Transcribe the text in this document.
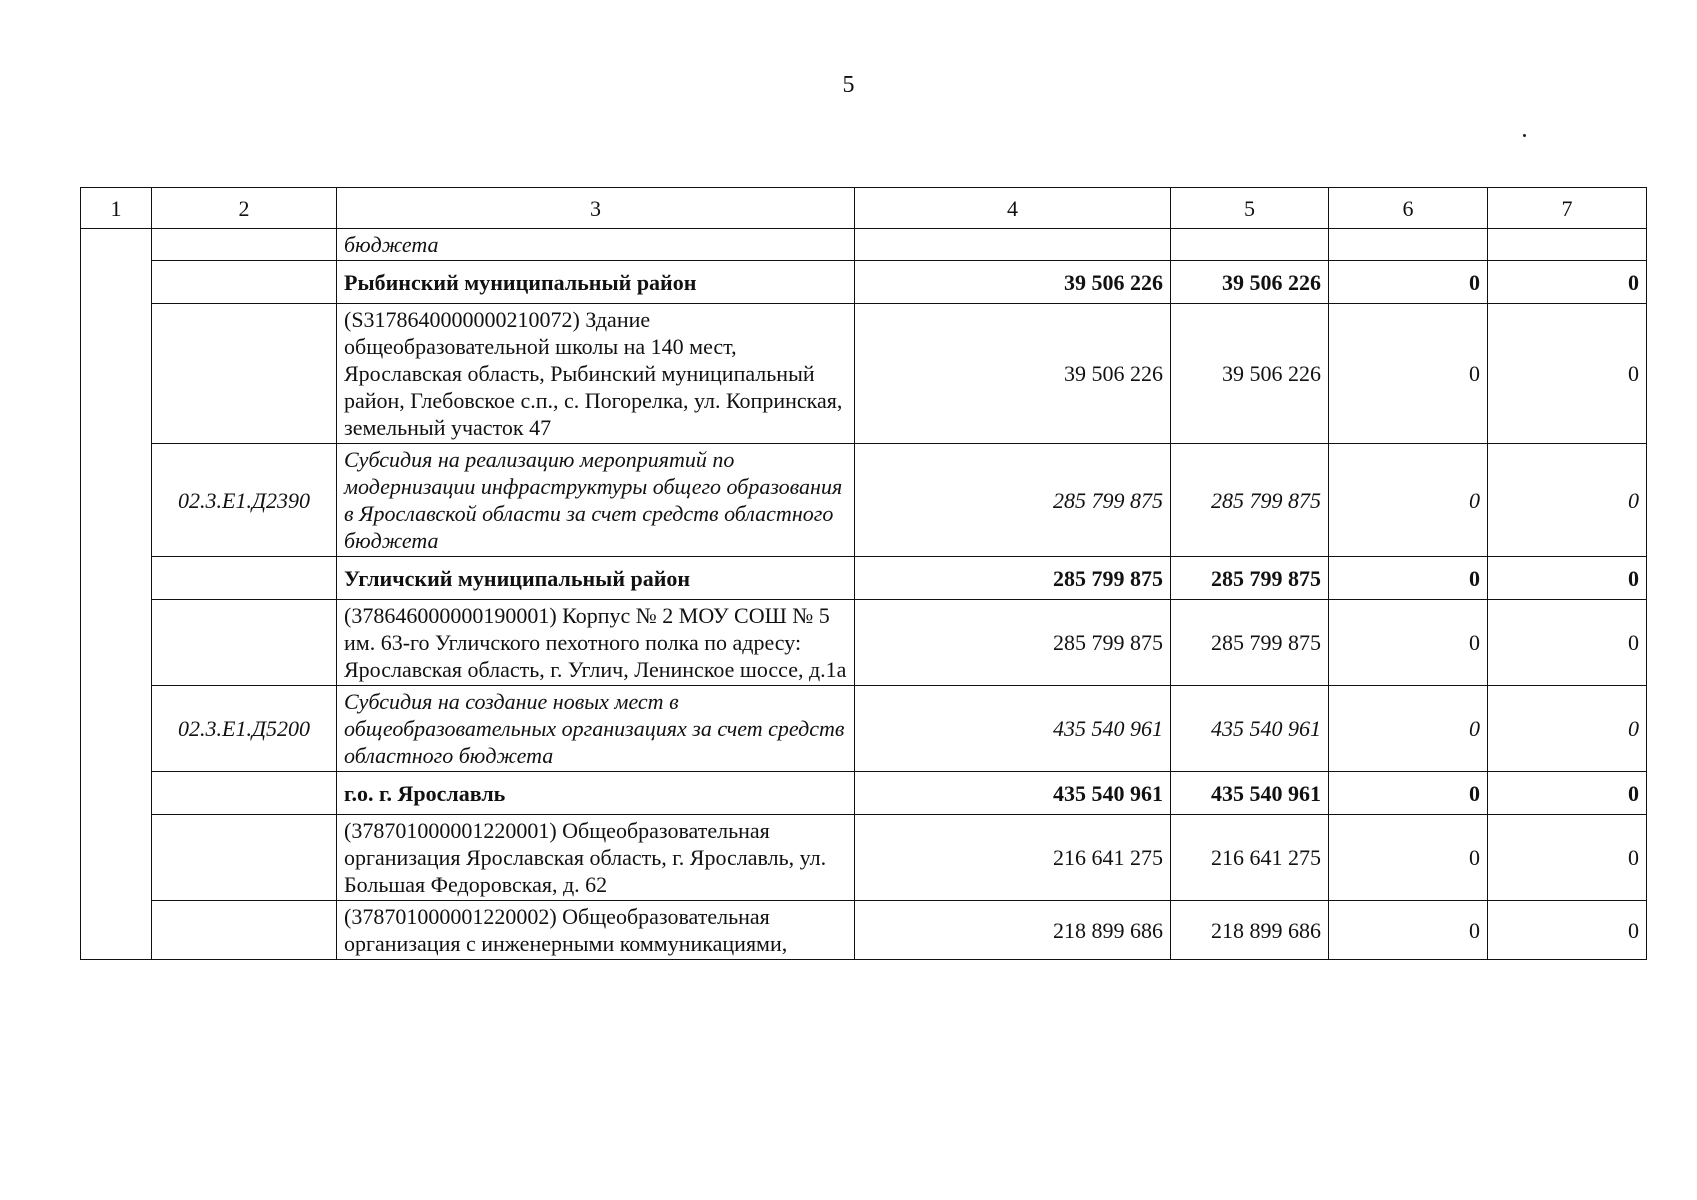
5
1	2	3	4	5	6	7
		бюджета				
		Рыбинский муниципальный район	39 506 226	39 506 226	0	0
		(S3178640000000210072) Здание общеобразовательной школы на 140 мест, Ярославская область, Рыбинский муниципальный район, Глебовское с.п., с. Погорелка, ул. Копринская, земельный участок 47	39 506 226	39 506 226	0	0
	02.3.Е1.Д2390	Субсидия на реализацию мероприятий по модернизации инфраструктуры общего образования в Ярославской области за счет средств областного бюджета	285 799 875	285 799 875	0	0
		Угличский муниципальный район	285 799 875	285 799 875	0	0
		(378646000000190001) Корпус № 2 МОУ СОШ № 5 им. 63-го Угличского пехотного полка по адресу: Ярославская область, г. Углич, Ленинское шоссе, д.1а	285 799 875	285 799 875	0	0
	02.3.Е1.Д5200	Субсидия на создание новых мест в общеобразовательных организациях за счет средств областного бюджета	435 540 961	435 540 961	0	0
		г.о. г. Ярославль	435 540 961	435 540 961	0	0
		(378701000001220001) Общеобразовательная организация Ярославская область, г. Ярославль, ул. Большая Федоровская, д. 62	216 641 275	216 641 275	0	0
		(378701000001220002) Общеобразовательная организация с инженерными коммуникациями,	218 899 686	218 899 686	0	0
